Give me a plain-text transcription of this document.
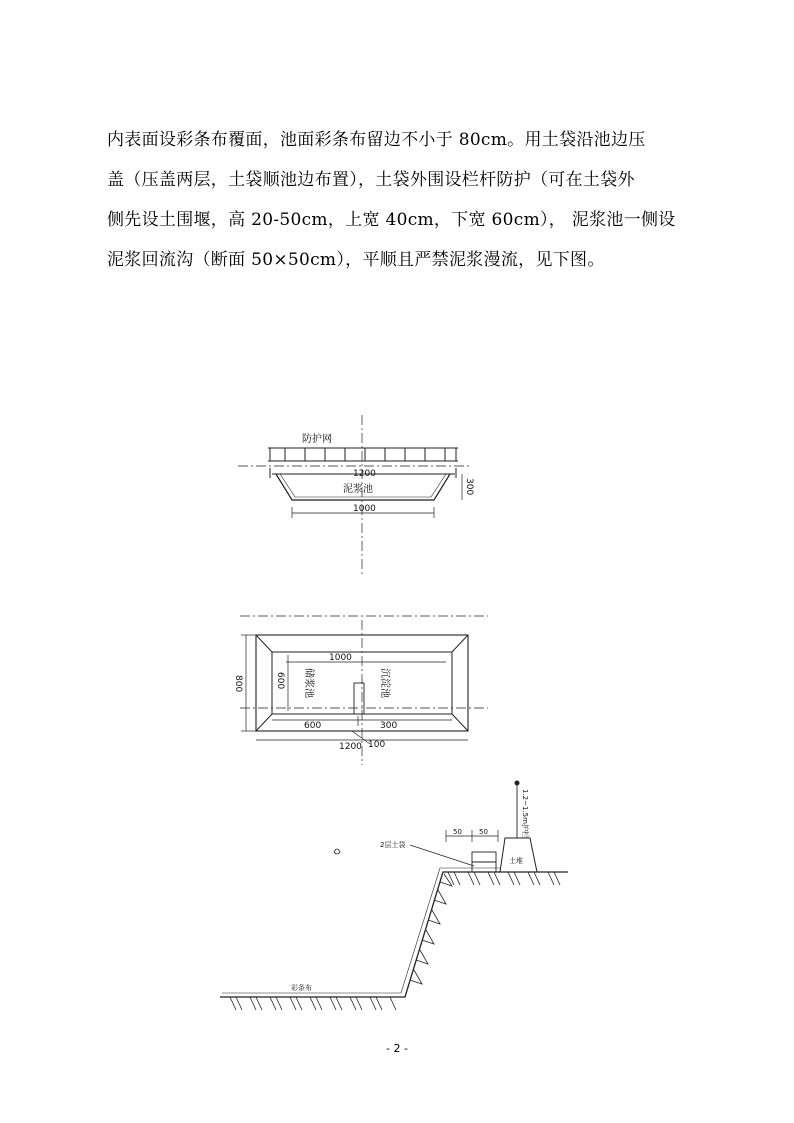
内表面设彩条布覆面，池面彩条布留边不小于 80cm。用土袋沿池边压
盖（压盖两层，土袋顺池边布置），土袋外围设栏杆防护（可在土袋外
侧先设土围堰，高 20-50cm，上宽 40cm，下宽 60cm）， 泥浆池一侧设
泥浆回流沟（断面 50×50cm），平顺且严禁泥浆漫流，见下图。
防护网
1200
泥浆池
1000
300
800	600
1000
储浆池	沉淀池
600	300
1200 100
2层土袋
土堆
1.2~1.5m护栏
50 50
彩条布
- 2 -
